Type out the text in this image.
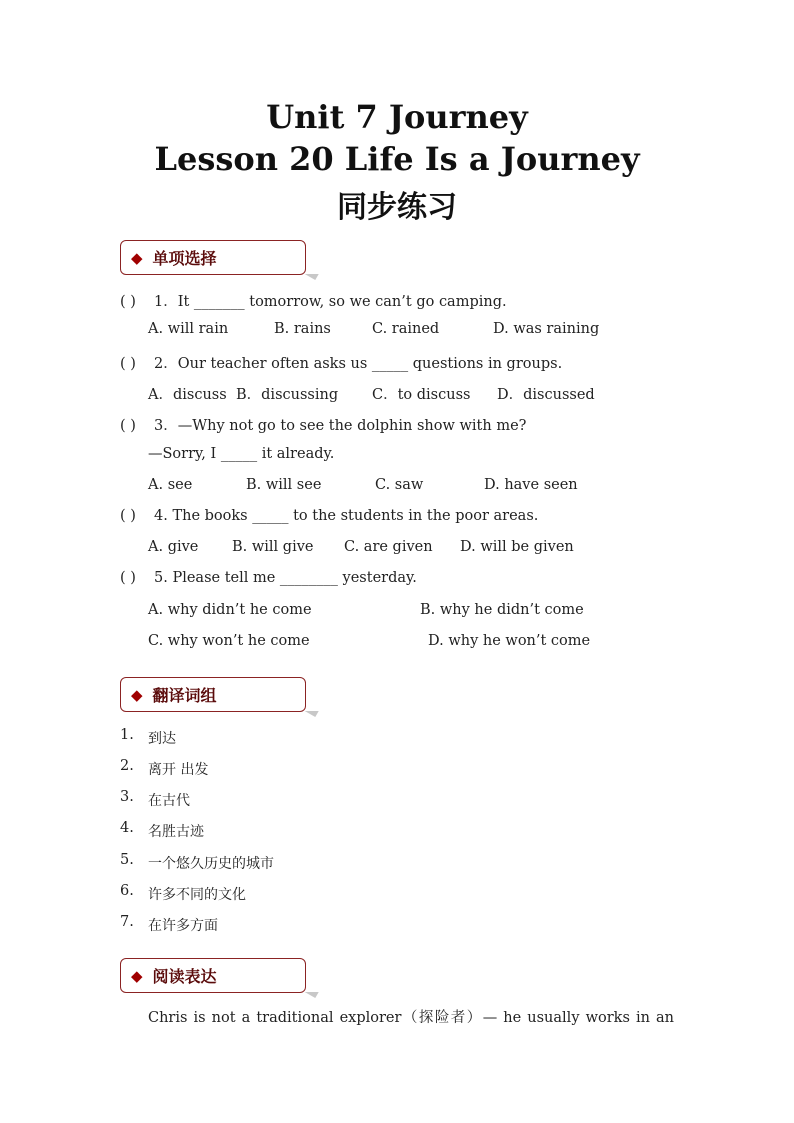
Unit 7 Journey
Lesson 20 Life Is a Journey
同步练习
◆ 单项选择
( ) 1．It _______ tomorrow, so we can’t go camping.
A. will rain	B. rains	C. rained	D. was raining
( ) 2．Our teacher often asks us _____ questions in groups.
A．discuss B．discussing C．to discuss D．discussed
( ) 3．—Why not go to see the dolphin show with me?
—Sorry, I _____ it already.
A. see	B. will see	C. saw	D. have seen
( ) 4. The books _____ to the students in the poor areas.
A. give B. will give C. are given D. will be given
( ) 5. Please tell me ________ yesterday.
A. why didn’t he come	B. why he didn’t come
C. why won’t he come	D. why he won’t come
◆ 翻译词组
1. 到达
2. 离开 出发
3. 在古代
4. 名胜古迹
5. 一个悠久历史的城市
6. 许多不同的文化
7. 在许多方面
◆ 阅读表达
Chris is not a traditional explorer（探险者）— he usually works in an
